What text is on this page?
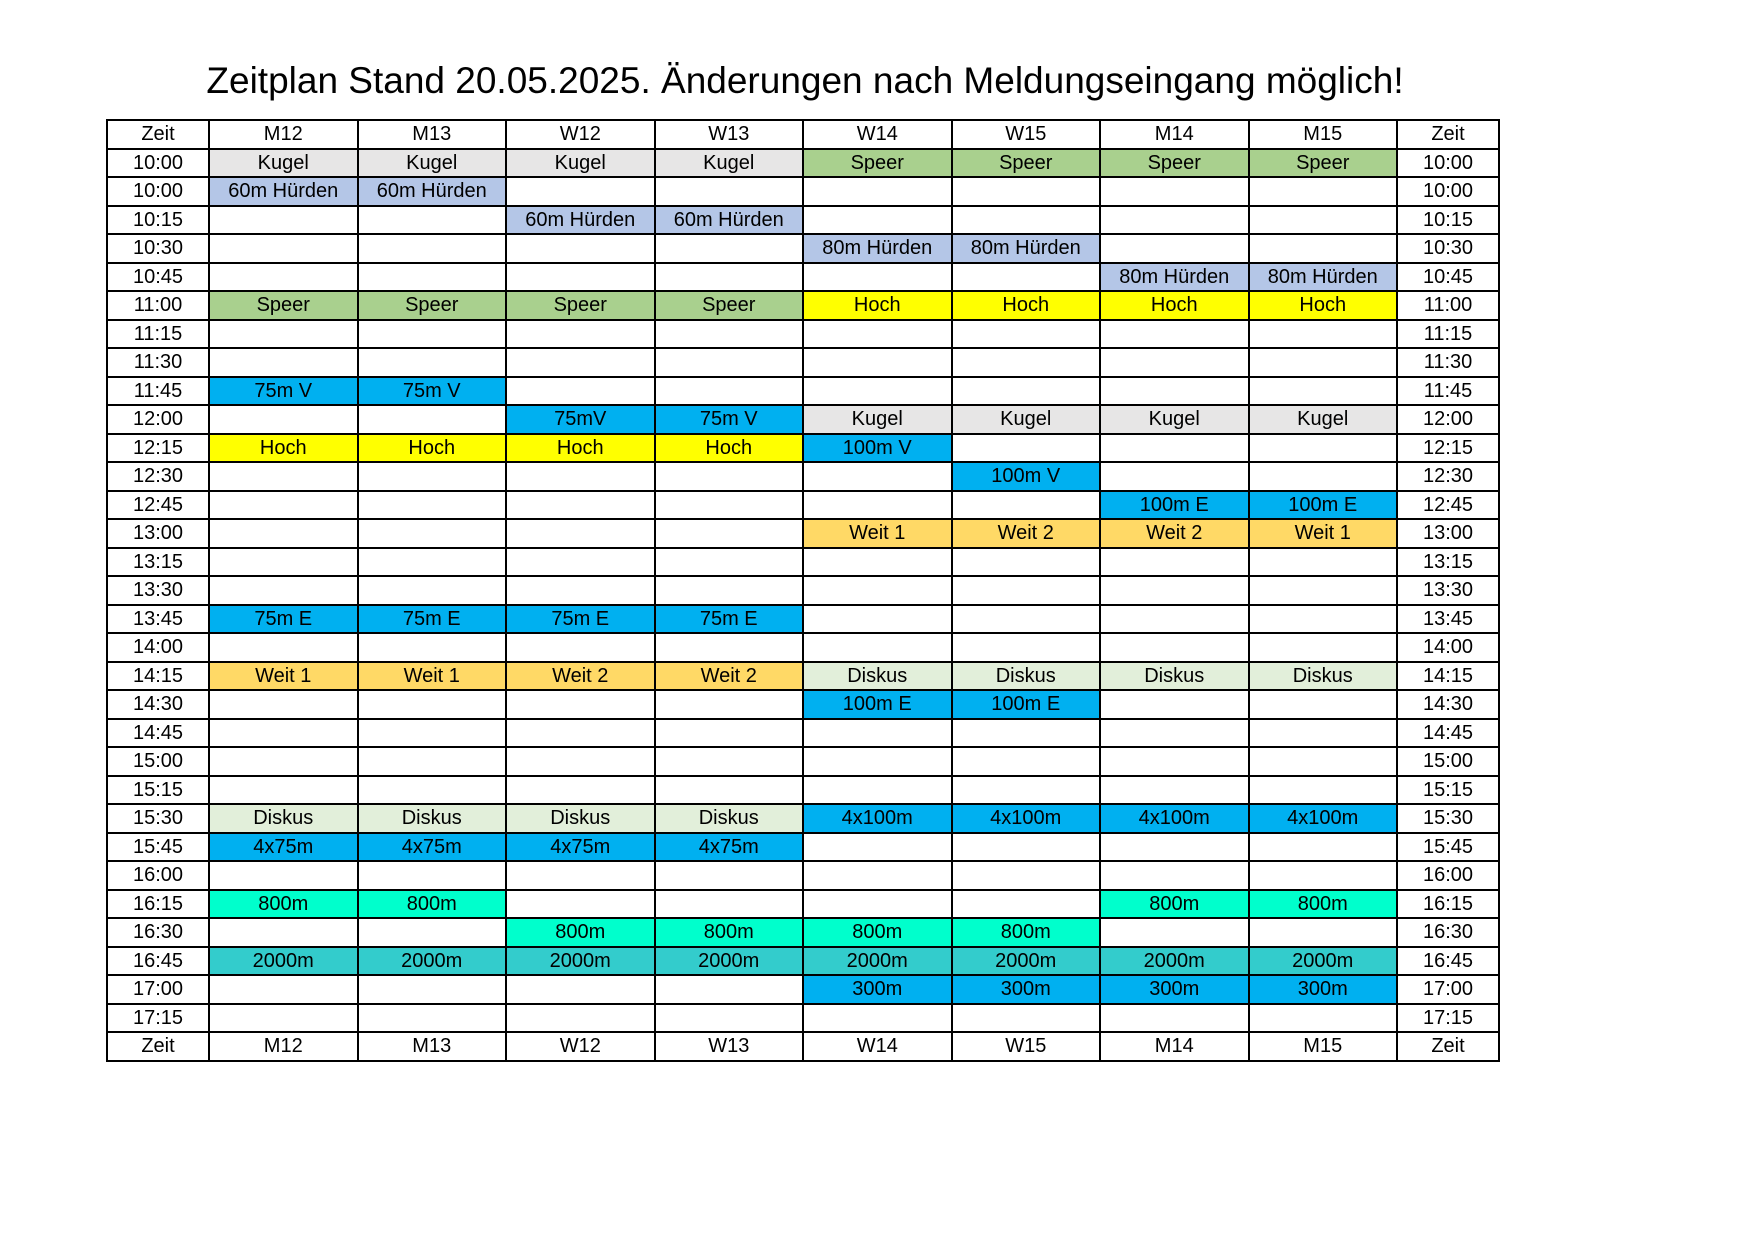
Zeitplan Stand 20.05.2025. Änderungen nach Meldungseingang möglich!
Zeit	M12	M13	W12	W13	W14	W15	M14	M15	Zeit
10:00	Kugel	Kugel	Kugel	Kugel	Speer	Speer	Speer	Speer	10:00
10:00	60m Hürden	60m Hürden							10:00
10:15			60m Hürden	60m Hürden					10:15
10:30					80m Hürden	80m Hürden			10:30
10:45							80m Hürden	80m Hürden	10:45
11:00	Speer	Speer	Speer	Speer	Hoch	Hoch	Hoch	Hoch	11:00
11:15									11:15
11:30									11:30
11:45	75m V	75m V							11:45
12:00			75mV	75m V	Kugel	Kugel	Kugel	Kugel	12:00
12:15	Hoch	Hoch	Hoch	Hoch	100m V				12:15
12:30						100m V			12:30
12:45							100m E	100m E	12:45
13:00					Weit 1	Weit 2	Weit 2	Weit 1	13:00
13:15									13:15
13:30									13:30
13:45	75m E	75m E	75m E	75m E					13:45
14:00									14:00
14:15	Weit 1	Weit 1	Weit 2	Weit 2	Diskus	Diskus	Diskus	Diskus	14:15
14:30					100m E	100m E			14:30
14:45									14:45
15:00									15:00
15:15									15:15
15:30	Diskus	Diskus	Diskus	Diskus	4x100m	4x100m	4x100m	4x100m	15:30
15:45	4x75m	4x75m	4x75m	4x75m					15:45
16:00									16:00
16:15	800m	800m					800m	800m	16:15
16:30			800m	800m	800m	800m			16:30
16:45	2000m	2000m	2000m	2000m	2000m	2000m	2000m	2000m	16:45
17:00					300m	300m	300m	300m	17:00
17:15									17:15
Zeit	M12	M13	W12	W13	W14	W15	M14	M15	Zeit
